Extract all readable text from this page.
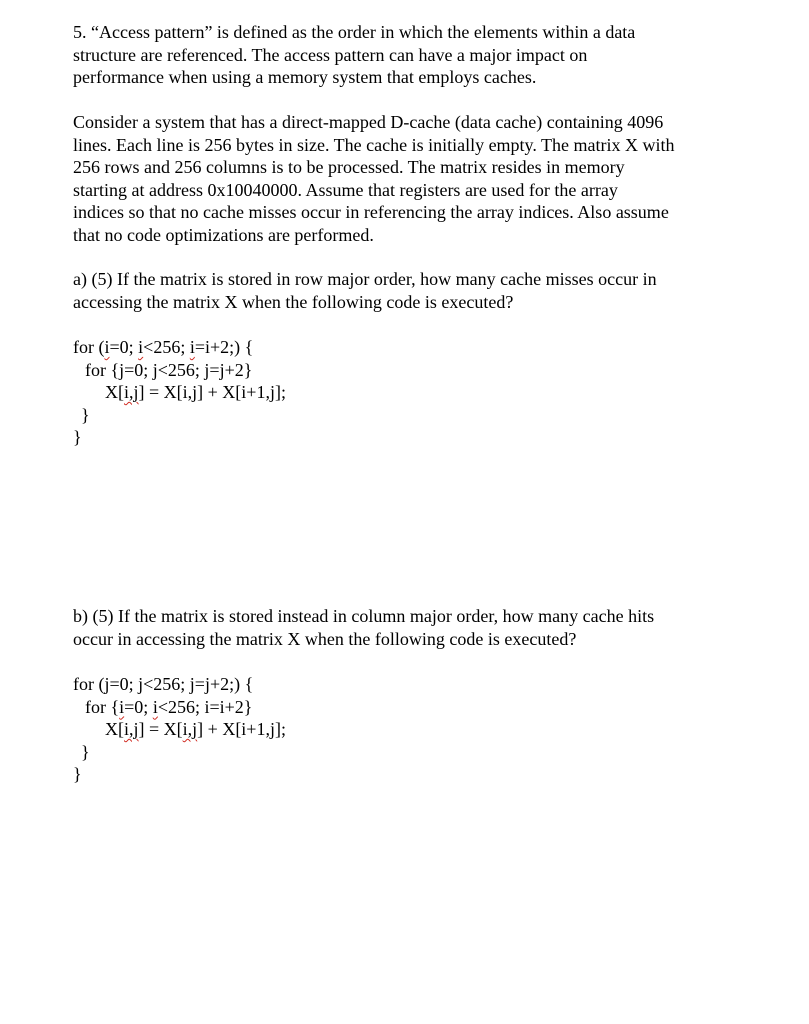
5. “Access pattern” is defined as the order in which the elements within a data
structure are referenced. The access pattern can have a major impact on
performance when using a memory system that employs caches.
Consider a system that has a direct-mapped D-cache (data cache) containing 4096
lines. Each line is 256 bytes in size. The cache is initially empty. The matrix X with
256 rows and 256 columns is to be processed. The matrix resides in memory
starting at address 0x10040000. Assume that registers are used for the array
indices so that no cache misses occur in referencing the array indices. Also assume
that no code optimizations are performed.
a) (5) If the matrix is stored in row major order, how many cache misses occur in
accessing the matrix X when the following code is executed?
for (i=0; i<256; i=i+2;) {
for {j=0; j<256; j=j+2}
X[i,j] = X[i,j] + X[i+1,j];
}
}
b) (5) If the matrix is stored instead in column major order, how many cache hits
occur in accessing the matrix X when the following code is executed?
for (j=0; j<256; j=j+2;) {
for {i=0; i<256; i=i+2}
X[i,j] = X[i,j] + X[i+1,j];
}
}
